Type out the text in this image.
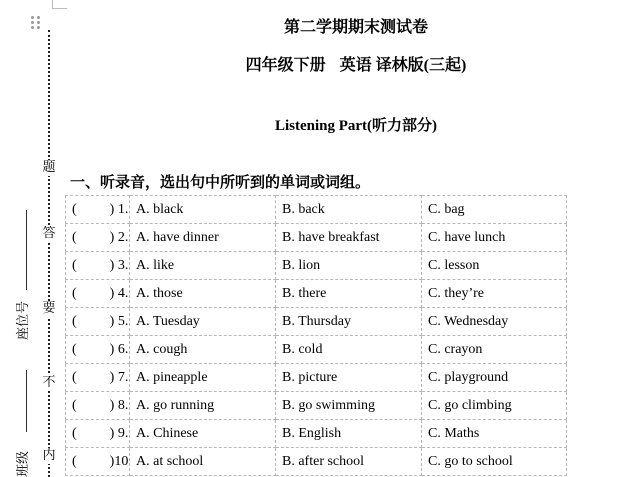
题
答
要
不
内
座位号
班级
第二学期期末测试卷
四年级下册 英语 译林版(三起)
Listening Part(听力部分)
一、听录音，选出句中所听到的单词或词组。
( ) 1.	A. black	B. back	C. bag
( ) 2.	A. have dinner	B. have breakfast	C. have lunch
( ) 3.	A. like	B. lion	C. lesson
( ) 4.	A. those	B. there	C. they’re
( ) 5.	A. Tuesday	B. Thursday	C. Wednesday
( ) 6.	A. cough	B. cold	C. crayon
( ) 7.	A. pineapple	B. picture	C. playground
( ) 8.	A. go running	B. go swimming	C. go climbing
( ) 9.	A. Chinese	B. English	C. Maths
( )10	A. at school	B. after school	C. go to school
